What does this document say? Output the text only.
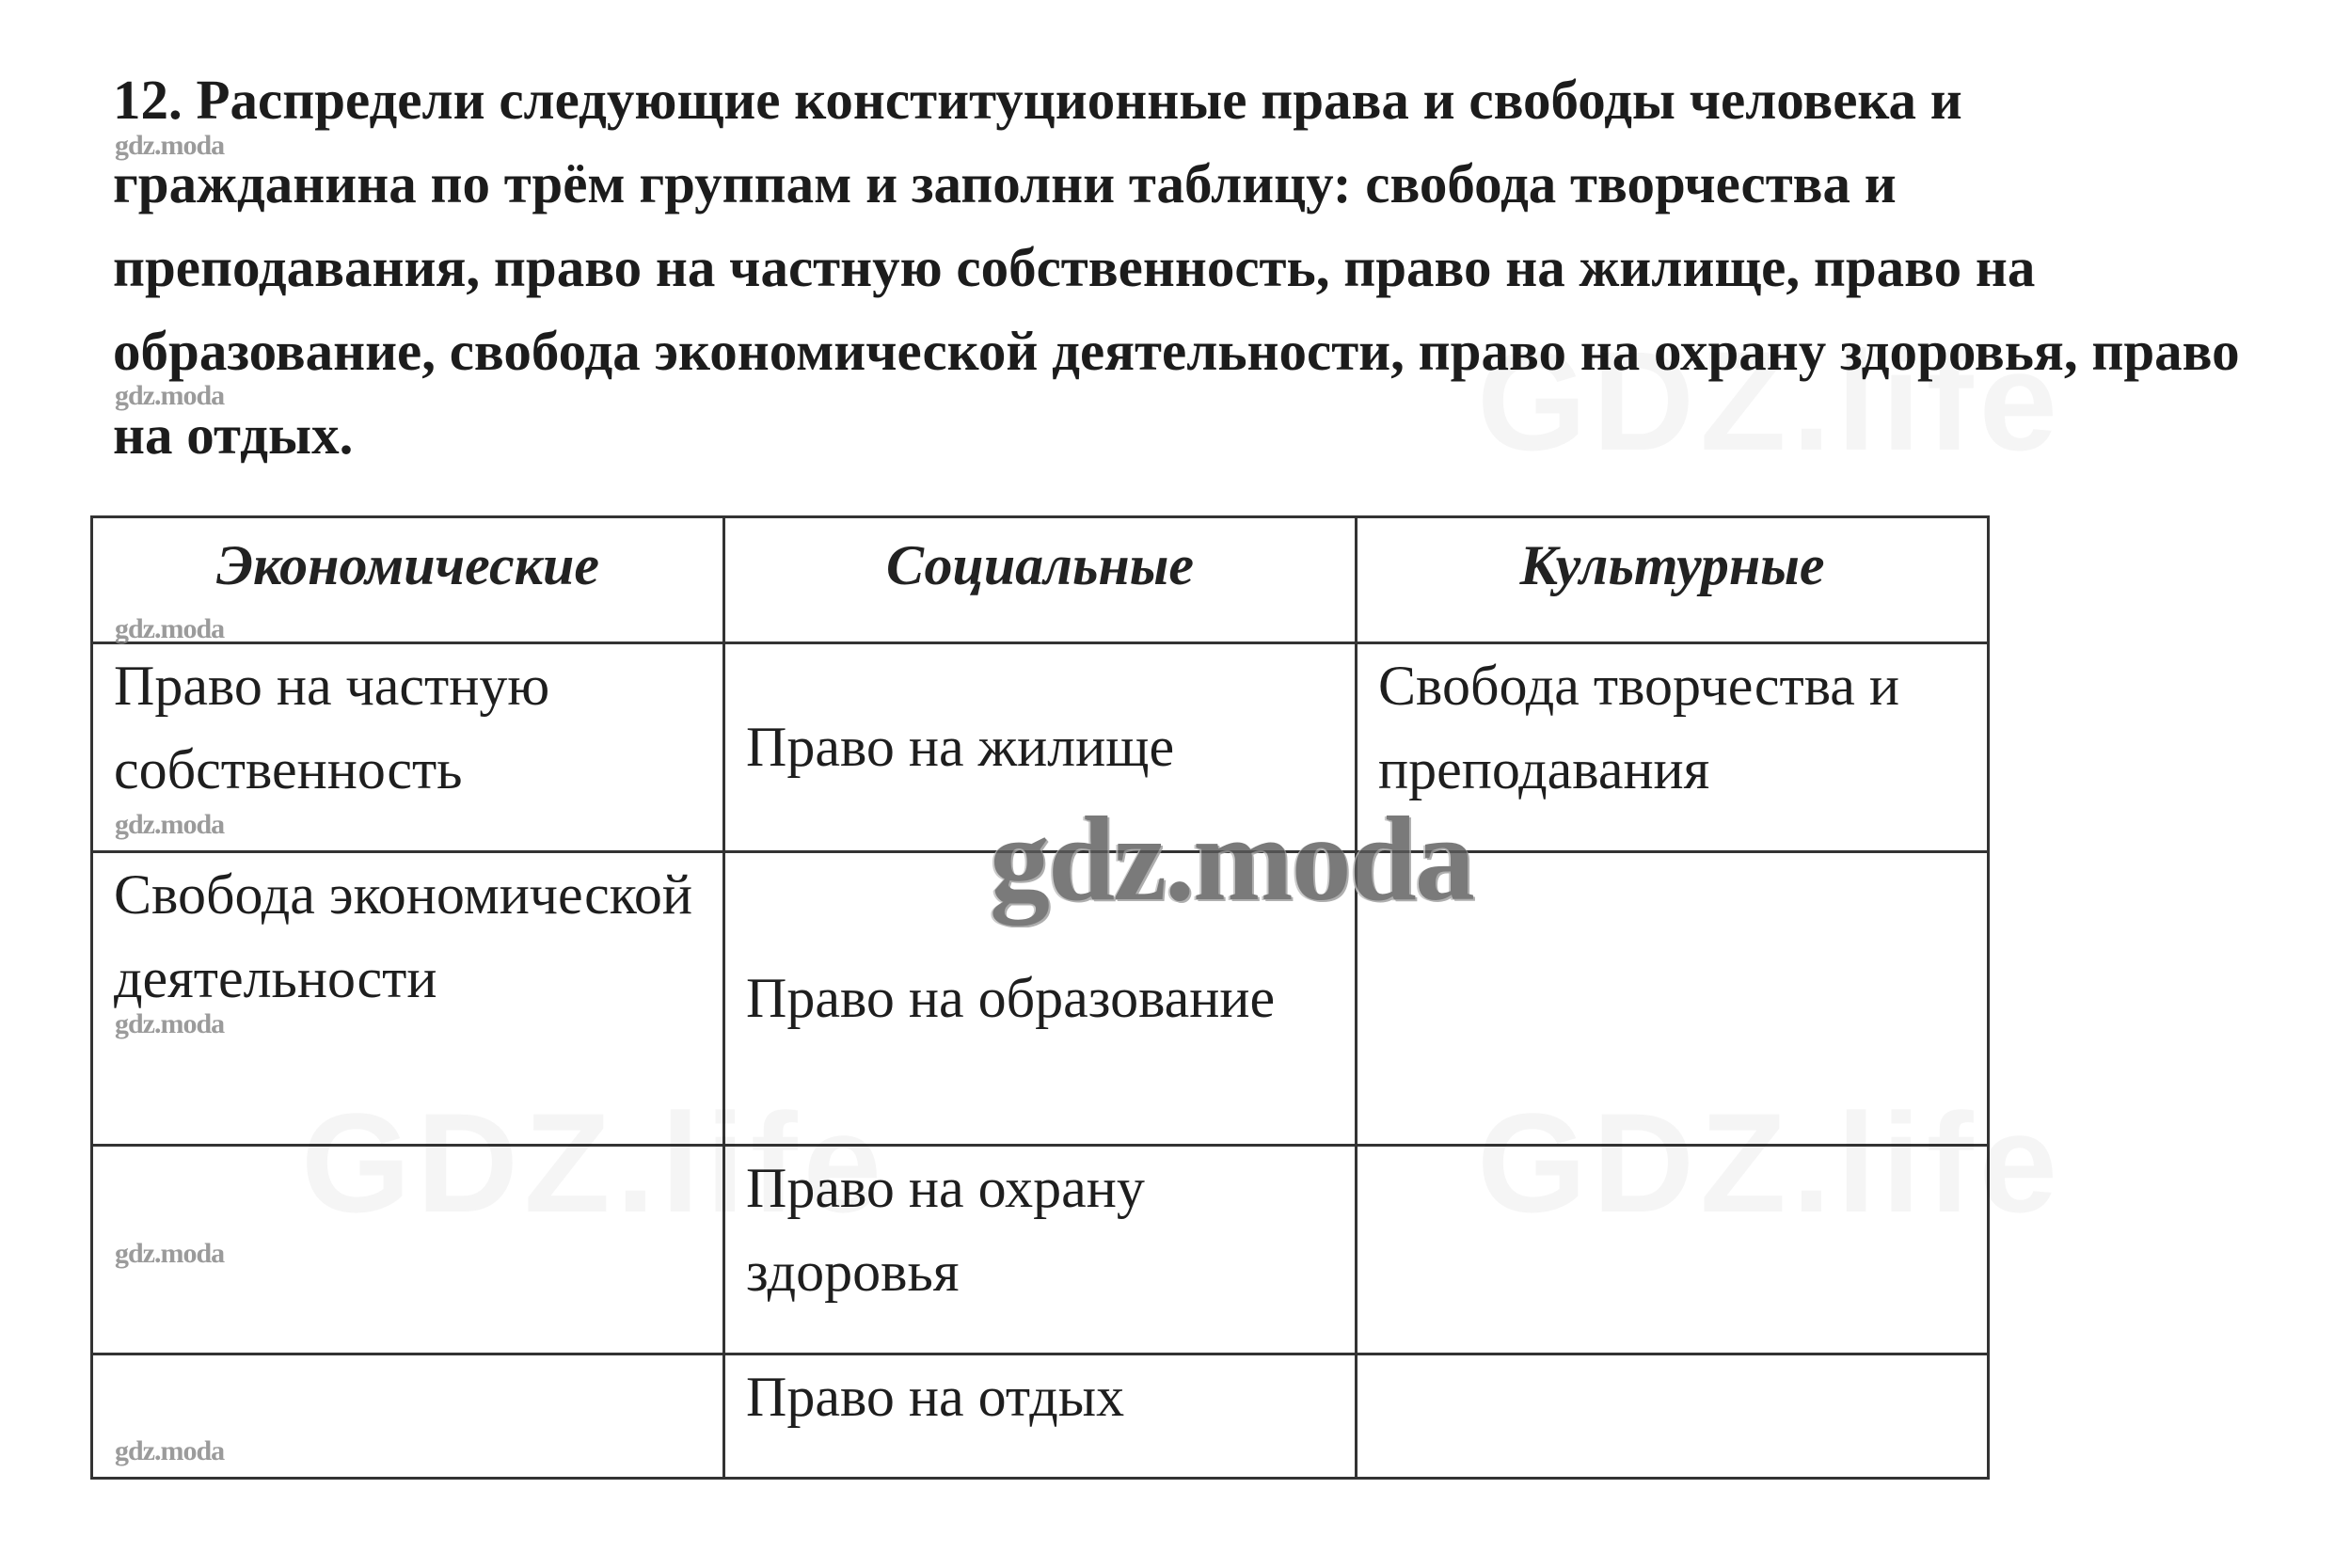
12. Распредели следующие конституционные права и свободы человека и гражданина по трём группам и заполни таблицу: свобода творчества и преподавания, право на частную собственность, право на жилище, право на образование, свобода экономической деятельности, право на охрану здоровья, право на отдых.

Экономические	Социальные	Культурные
Право на частную собственность	Право на жилище	Свобода творчества и преподавания
Свобода экономической деятельности	Право на образование	
	Право на охрану здоровья	
	Право на отдых	
gdz.moda
gdz.moda
gdz.moda
gdz.moda
gdz.moda
gdz.moda
gdz.moda
gdz.moda
